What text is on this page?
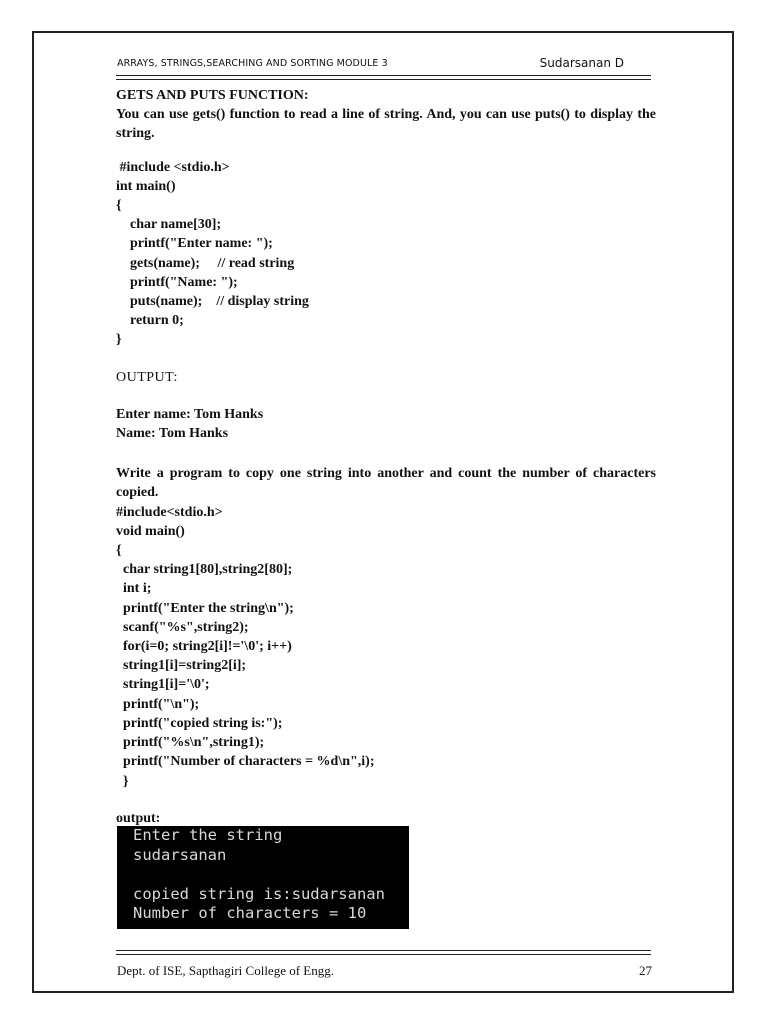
ARRAYS, STRINGS,SEARCHING AND SORTING MODULE 3	Sudarsanan D
GETS AND PUTS FUNCTION:
You can use gets() function to read a line of string. And, you can use puts() to display the string.
#include <stdio.h>
int main()
{
char name[30];
printf("Enter name: ");
gets(name);     // read string
printf("Name: ");
puts(name);    // display string
return 0;
}
OUTPUT:
Enter name: Tom Hanks
Name: Tom Hanks
Write a program to copy one string into another and count the number of characters copied.
#include<stdio.h>
void main()
{
char string1[80],string2[80];
int i;
printf("Enter the string\n");
scanf("%s",string2);
for(i=0; string2[i]!='\0'; i++)
string1[i]=string2[i];
string1[i]='\0';
printf("\n");
printf("copied string is:");
printf("%s\n",string1);
printf("Number of characters = %d\n",i);
}
output:
Enter the string
sudarsanan
copied string is:sudarsanan
Number of characters = 10
Dept. of ISE, Sapthagiri College of Engg.	27
